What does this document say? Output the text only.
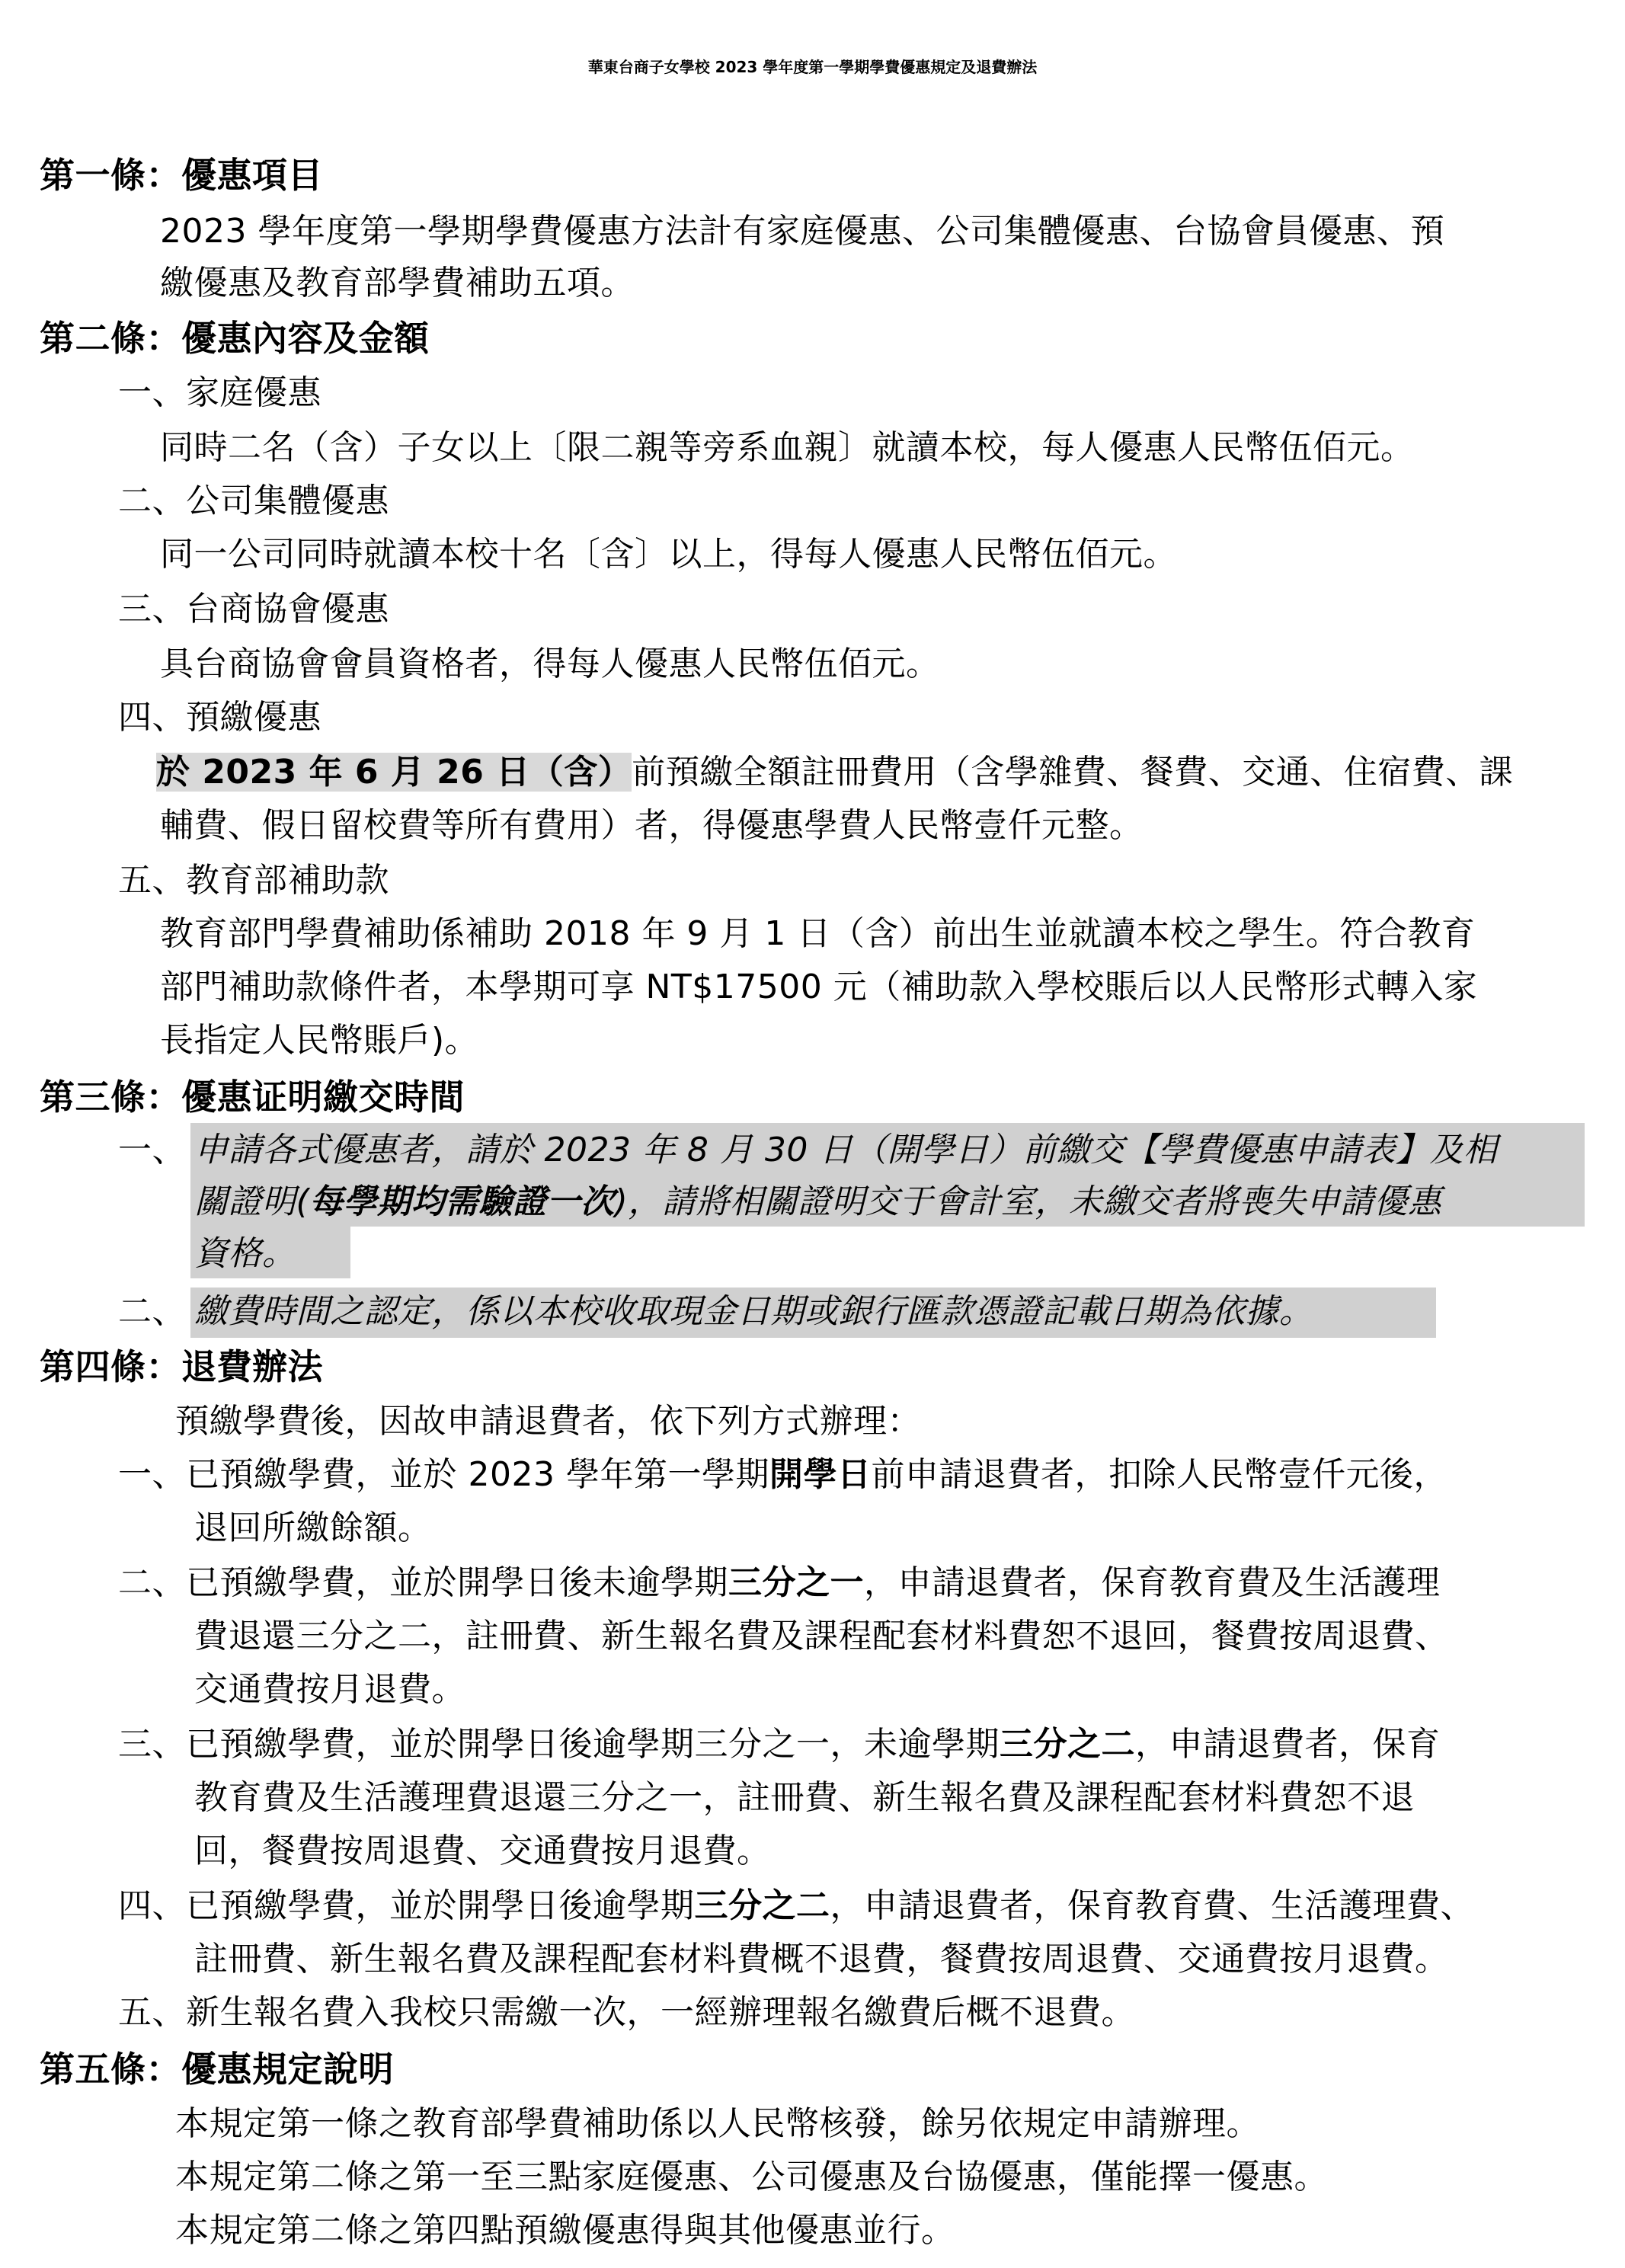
華東台商子女學校 2023 學年度第一學期學費優惠規定及退費辦法
第一條：優惠項目
2023 學年度第一學期學費優惠方法計有家庭優惠、公司集體優惠、台協會員優惠、預
繳優惠及教育部學費補助五項。
第二條：優惠內容及金額
一、家庭優惠
同時二名（含）子女以上〔限二親等旁系血親〕就讀本校，每人優惠人民幣伍佰元。
二、公司集體優惠
同一公司同時就讀本校十名〔含〕以上，得每人優惠人民幣伍佰元。
三、台商協會優惠
具台商協會會員資格者，得每人優惠人民幣伍佰元。
四、預繳優惠
於 2023 年 6 月 26 日（含）前預繳全額註冊費用（含學雜費、餐費、交通、住宿費、課
輔費、假日留校費等所有費用）者，得優惠學費人民幣壹仟元整。
五、教育部補助款
教育部門學費補助係補助 2018 年 9 月 1 日（含）前出生並就讀本校之學生。符合教育
部門補助款條件者，本學期可享 NT$17500 元（補助款入學校賬后以人民幣形式轉入家
長指定人民幣賬戶)。
第三條：優惠证明繳交時間
一、 申請各式優惠者，請於 2023 年 8 月 30 日（開學日）前繳交【學費優惠申請表】及相
關證明(每學期均需驗證一次)，請將相關證明交于會計室，未繳交者將喪失申請優惠
資格。
二、 繳費時間之認定，係以本校收取現金日期或銀行匯款憑證記載日期為依據。
第四條：退費辦法
預繳學費後，因故申請退費者，依下列方式辦理：
一、已預繳學費，並於 2023 學年第一學期開學日前申請退費者，扣除人民幣壹仟元後，
退回所繳餘額。
二、已預繳學費，並於開學日後未逾學期三分之一，申請退費者，保育教育費及生活護理
費退還三分之二，註冊費、新生報名費及課程配套材料費恕不退回，餐費按周退費、
交通費按月退費。
三、已預繳學費，並於開學日後逾學期三分之一，未逾學期三分之二，申請退費者，保育
教育費及生活護理費退還三分之一，註冊費、新生報名費及課程配套材料費恕不退
回，餐費按周退費、交通費按月退費。
四、已預繳學費，並於開學日後逾學期三分之二，申請退費者，保育教育費、生活護理費、
註冊費、新生報名費及課程配套材料費概不退費，餐費按周退費、交通費按月退費。
五、新生報名費入我校只需繳一次，一經辦理報名繳費后概不退費。
第五條：優惠規定說明
本規定第一條之教育部學費補助係以人民幣核發，餘另依規定申請辦理。
本規定第二條之第一至三點家庭優惠、公司優惠及台協優惠，僅能擇一優惠。
本規定第二條之第四點預繳優惠得與其他優惠並行。
